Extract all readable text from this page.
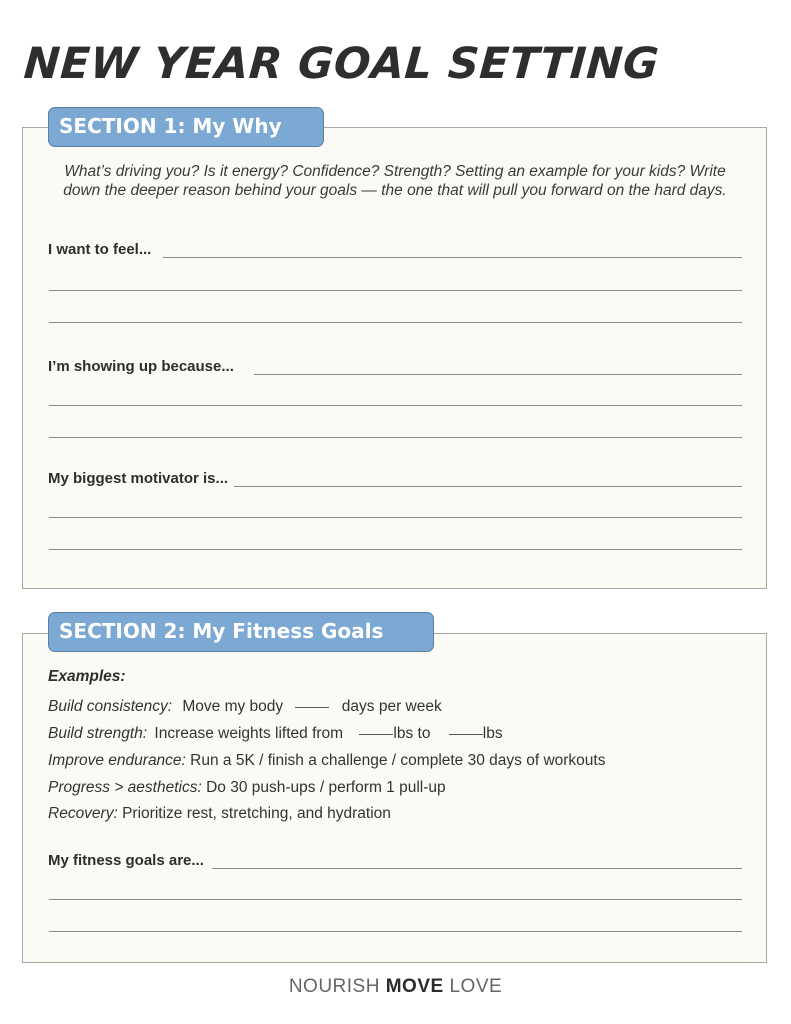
NEW YEAR GOAL SETTING
SECTION 1: My Why
What’s driving you? Is it energy? Confidence? Strength? Setting an example for your kids? Write down the deeper reason behind your goals — the one that will pull you forward on the hard days.
I want to feel...
I’m showing up because...
My biggest motivator is...
SECTION 2: My Fitness Goals
Examples:
Build consistency: Move my body	days per week
Build strength: Increase weights lifted from	lbs to	lbs
Improve endurance: Run a 5K / finish a challenge / complete 30 days of workouts
Progress > aesthetics: Do 30 push-ups / perform 1 pull-up
Recovery: Prioritize rest, stretching, and hydration
My fitness goals are...
NOURISH MOVE LOVE
